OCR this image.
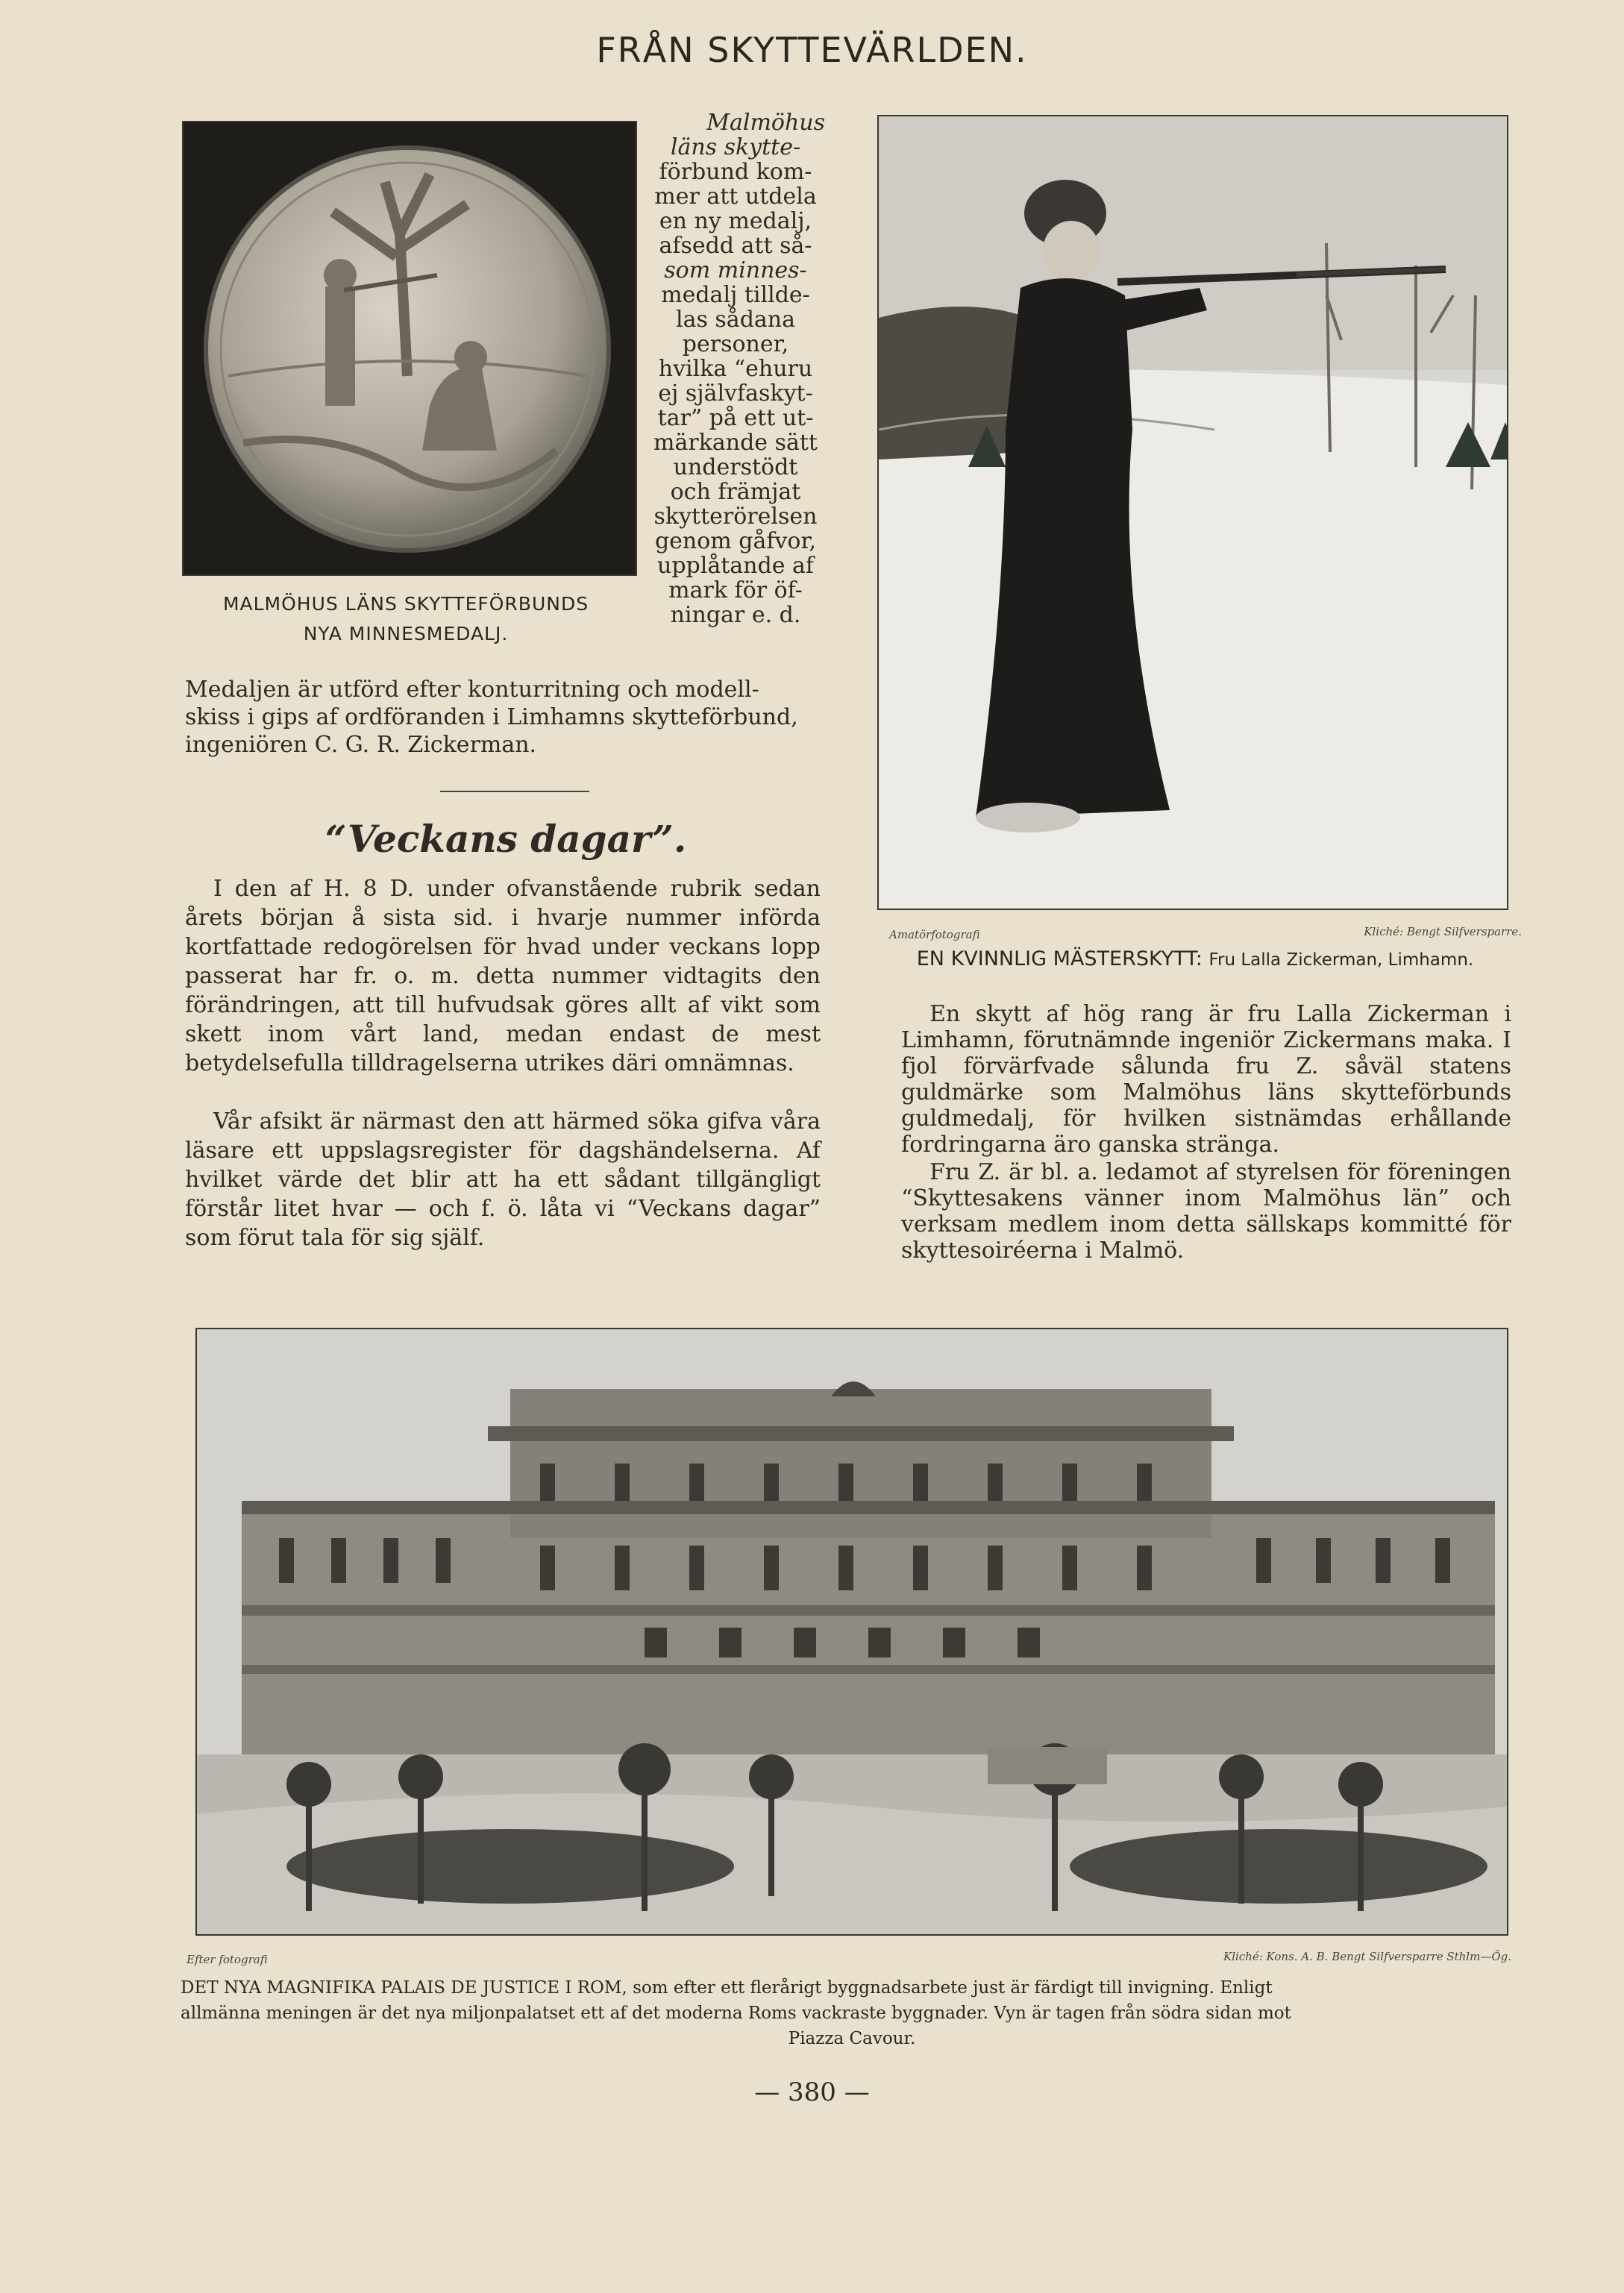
FRÅN SKYTTEVÄRLDEN.
MALMÖHUS LÄNS SKYTTEFÖRBUNDS
NYA MINNESMEDALJ.
Malmöhus
läns skytte-
förbund kom-
mer att utdela
en ny medalj,
afsedd att så-
som minnes-
medalj tillde-
las sådana
personer,
hvilka “ehuru
ej självfaskyt-
tar” på ett ut-
märkande sätt
understödt
och främjat
skytterörelsen
genom gåfvor,
upplåtande af
mark för öf-
ningar e. d.
Medaljen är utförd efter konturritning och modell-
skiss i gips af ordföranden i Limhamns skytteförbund,
ingeniören C. G. R. Zickerman.
“Veckans dagar”.
I den af H. 8 D. under ofvanstående rubrik sedan årets början å sista sid. i hvarje nummer införda kortfattade redogörelsen för hvad under veckans lopp passerat har fr. o. m. detta nummer vidtagits den förändringen, att till hufvudsak göres allt af vikt som skett inom vårt land, medan endast de mest betydelsefulla tilldragelserna utrikes däri omnämnas.
Vår afsikt är närmast den att härmed söka gifva våra läsare ett uppslagsregister för dagshändelserna. Af hvilket värde det blir att ha ett sådant tillgängligt förstår litet hvar — och f. ö. låta vi “Veckans dagar” som förut tala för sig själf.
Amatörfotografi	Kliché: Bengt Silfversparre.
EN KVINNLIG MÄSTERSKYTT: Fru Lalla Zickerman, Limhamn.
En skytt af hög rang är fru Lalla Zickerman i Limhamn, förutnämnde ingeniör Zickermans maka. I fjol förvärfvade sålunda fru Z. såväl statens guldmärke som Malmöhus läns skytteförbunds guldmedalj, för hvilken sistnämdas erhållande fordringarna äro ganska stränga.
Fru Z. är bl. a. ledamot af styrelsen för föreningen “Skyttesakens vänner inom Malmöhus län” och verksam medlem inom detta sällskaps kommitté för skyttesoiréerna i Malmö.
Efter fotografi	Kliché: Kons. A. B. Bengt Silfversparre Sthlm—Ög.
DET NYA MAGNIFIKA PALAIS DE JUSTICE I ROM, som efter ett flerårigt byggnadsarbete just är färdigt till invigning. Enligt
allmänna meningen är det nya miljonpalatset ett af det moderna Roms vackraste byggnader. Vyn är tagen från södra sidan mot
Piazza Cavour.
— 380 —
